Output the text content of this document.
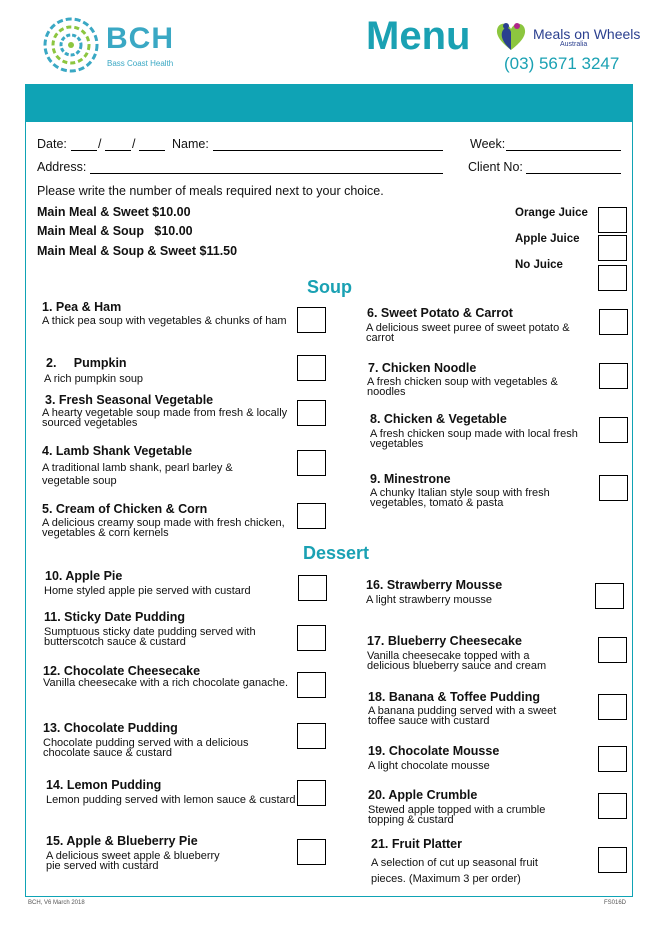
BCH
Bass Coast Health
Menu	Meals on Wheels
Australia
(03) 5671 3247
Date: / /	Name:	Week:
Address:	Client No:
Please write the number of meals required next to your choice.
Main Meal & Sweet $10.00
Main Meal & Soup   $10.00
Main Meal & Soup & Sweet $11.50
Orange Juice
Apple Juice
No Juice
Soup
1. Pea & Ham
A thick pea soup with vegetables & chunks of ham
2.     Pumpkin
A rich pumpkin soup
3. Fresh Seasonal Vegetable
A hearty vegetable soup made from fresh & locally sourced vegetables
4. Lamb Shank Vegetable
A traditional lamb shank, pearl barley & vegetable soup
5. Cream of Chicken & Corn
A delicious creamy soup made with fresh chicken, vegetables & corn kernels
6. Sweet Potato & Carrot
A delicious sweet puree of sweet potato & carrot
7. Chicken Noodle
A fresh chicken soup with vegetables & noodles
8. Chicken & Vegetable
A fresh chicken soup made with local fresh vegetables
9. Minestrone
A chunky Italian style soup with fresh vegetables, tomato & pasta
Dessert
10. Apple Pie
Home styled apple pie served with custard
11. Sticky Date Pudding
Sumptuous sticky date pudding served with butterscotch sauce & custard
12. Chocolate Cheesecake
Vanilla cheesecake with a rich chocolate ganache.
13. Chocolate Pudding
Chocolate pudding served with a delicious chocolate sauce & custard
14. Lemon Pudding
Lemon pudding served with lemon sauce & custard
15. Apple & Blueberry Pie
A delicious sweet apple & blueberry pie served with custard
16. Strawberry Mousse
A light strawberry mousse
17. Blueberry Cheesecake
Vanilla cheesecake topped with a delicious blueberry sauce and cream
18. Banana & Toffee Pudding
A banana pudding served with a sweet toffee sauce with custard
19. Chocolate Mousse
A light chocolate mousse
20. Apple Crumble
Stewed apple topped with a crumble topping & custard
21. Fruit Platter
A selection of cut up seasonal fruit pieces. (Maximum 3 per order)
BCH, V6 March 2018	FS016D
